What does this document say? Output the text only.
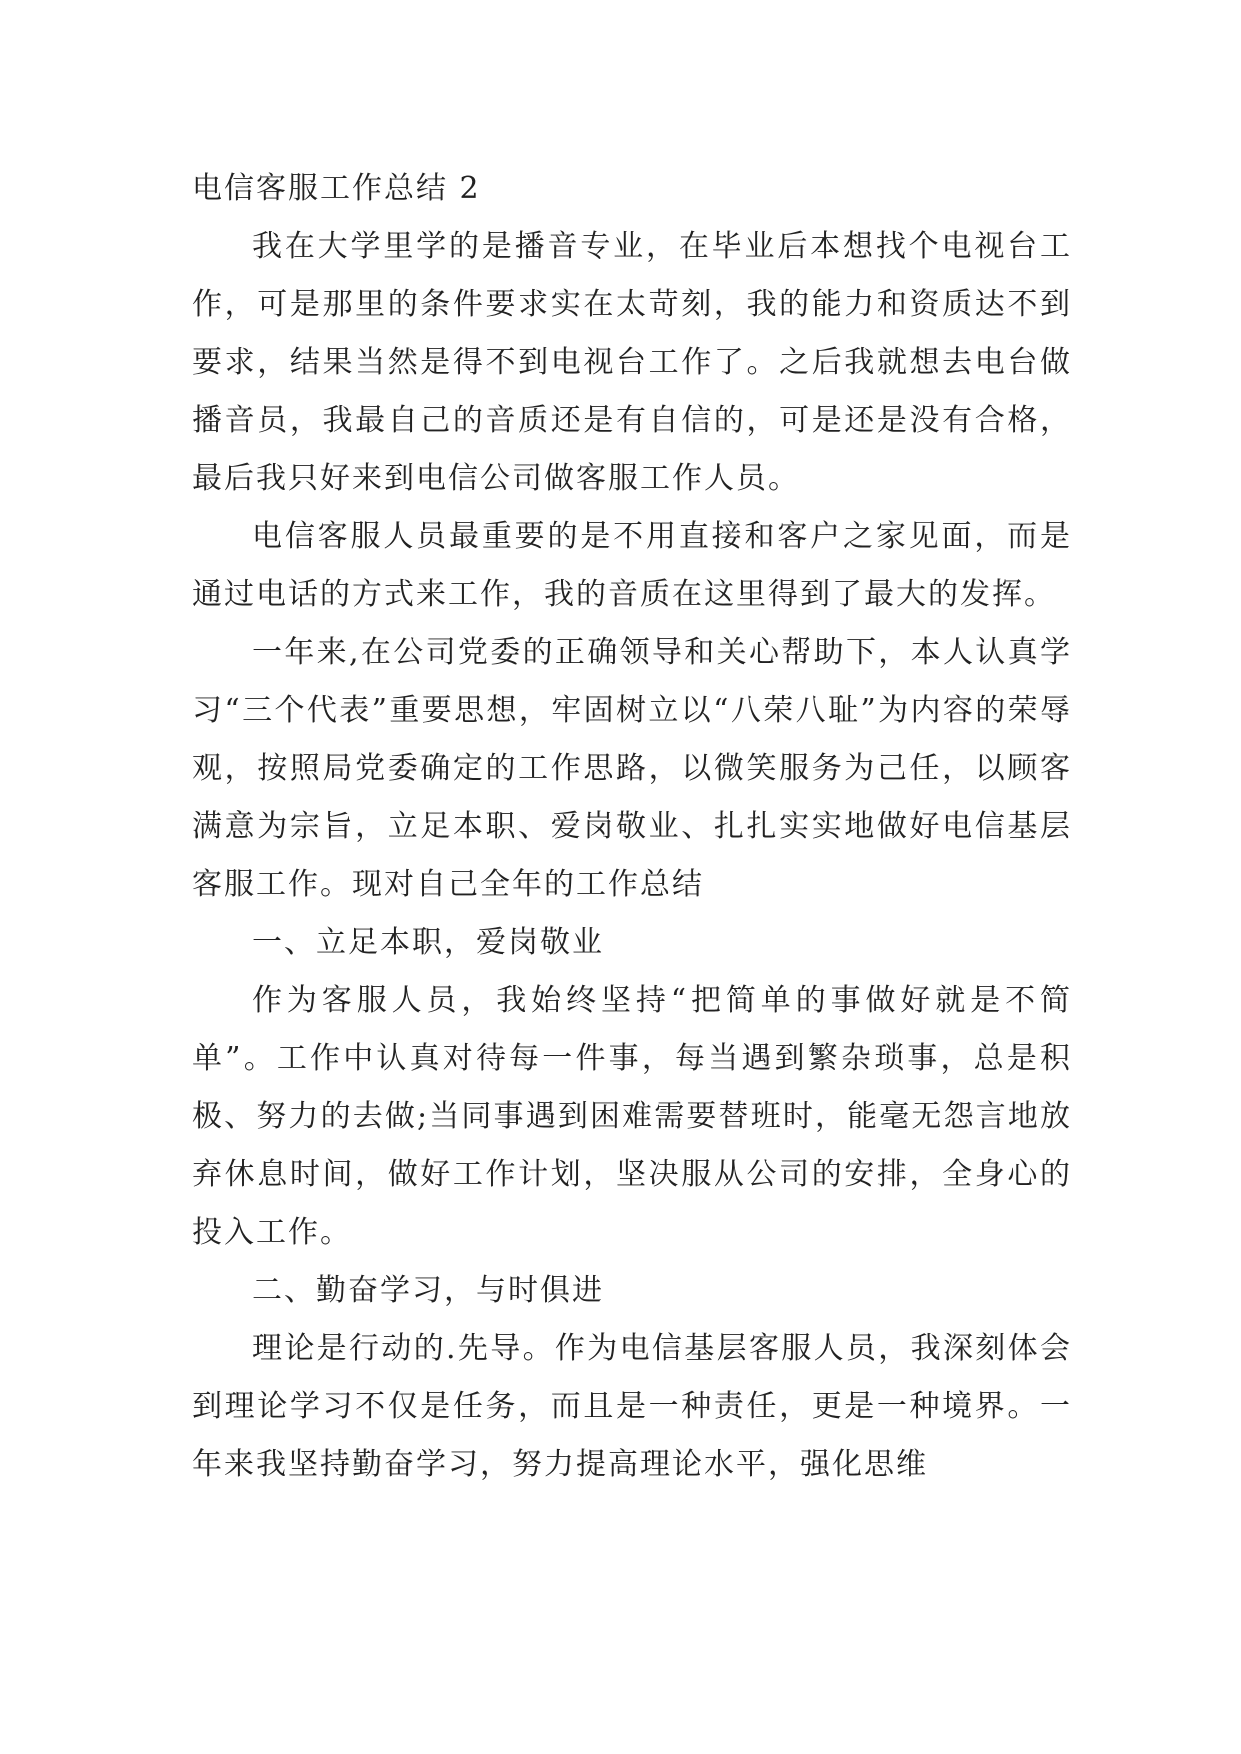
电信客服工作总结 2

我在大学里学的是播音专业，在毕业后本想找个电视台工作，可是那里的条件要求实在太苛刻，我的能力和资质达不到要求，结果当然是得不到电视台工作了。之后我就想去电台做播音员，我最自己的音质还是有自信的，可是还是没有合格，最后我只好来到电信公司做客服工作人员。

电信客服人员最重要的是不用直接和客户之家见面，而是通过电话的方式来工作，我的音质在这里得到了最大的发挥。

一年来,在公司党委的正确领导和关心帮助下，本人认真学习“三个代表”重要思想，牢固树立以“八荣八耻”为内容的荣辱观，按照局党委确定的工作思路，以微笑服务为己任，以顾客满意为宗旨，立足本职、爱岗敬业、扎扎实实地做好电信基层客服工作。现对自己全年的工作总结

一、立足本职，爱岗敬业

作为客服人员，我始终坚持“把简单的事做好就是不简单”。工作中认真对待每一件事，每当遇到繁杂琐事，总是积极、努力的去做;当同事遇到困难需要替班时，能毫无怨言地放弃休息时间，做好工作计划，坚决服从公司的安排，全身心的投入工作。

二、勤奋学习，与时俱进

理论是行动的.先导。作为电信基层客服人员，我深刻体会到理论学习不仅是任务，而且是一种责任，更是一种境界。一年来我坚持勤奋学习，努力提高理论水平，强化思维
